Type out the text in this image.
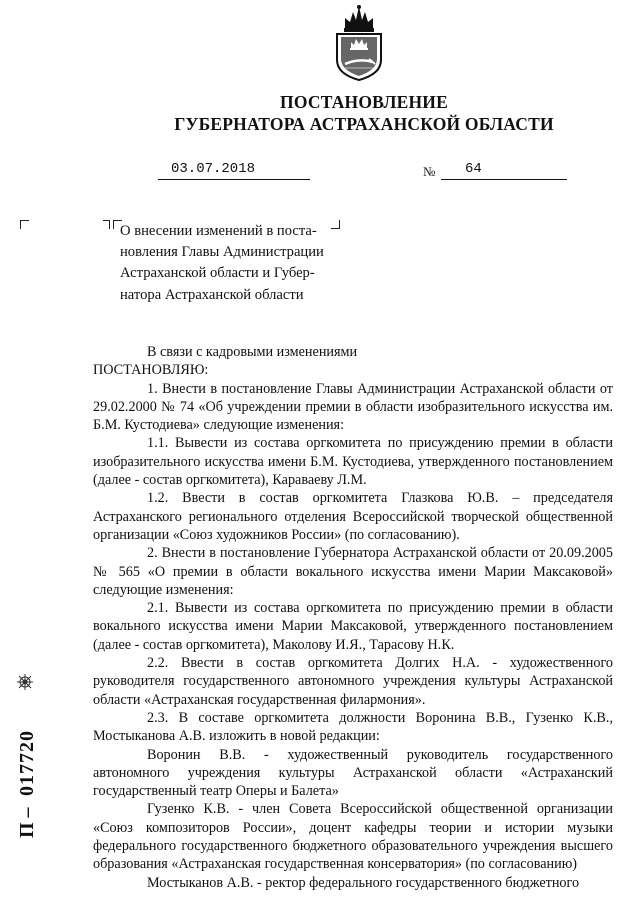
ПОСТАНОВЛЕНИЕ
ГУБЕРНАТОРА АСТРАХАНСКОЙ ОБЛАСТИ
03.07.2018	№ 64

О внесении изменений в поста-

новления Главы Администрации

Астраханской области и Губер-

натора Астраханской области

В связи с кадровыми изменениями

ПОСТАНОВЛЯЮ:

1. Внести в постановление Главы Администрации Астраханской области от 29.02.2000 № 74 «Об учреждении премии в области изобразительного искусства им. Б.М. Кустодиева» следующие изменения:

1.1. Вывести из состава оргкомитета по присуждению премии в области изобразительного искусства имени Б.М. Кустодиева, утвержденного постановлением (далее - состав оргкомитета), Караваеву Л.М.

1.2. Ввести в состав оргкомитета Глазкова Ю.В. – председателя Астраханского регионального отделения Всероссийской творческой общественной организации «Союз художников России» (по согласованию).

2. Внести в постановление Губернатора Астраханской области от 20.09.2005 № 565 «О премии в области вокального искусства имени Марии Максаковой» следующие изменения:

2.1. Вывести из состава оргкомитета по присуждению премии в области вокального искусства имени Марии Максаковой, утвержденного постановлением (далее - состав оргкомитета), Маколову И.Я., Тарасову Н.К.

2.2. Ввести в состав оргкомитета Долгих Н.А. - художественного руководителя государственного автономного учреждения культуры Астраханской области «Астраханская государственная филармония».

2.3. В составе оргкомитета должности Воронина В.В., Гузенко К.В., Мостыканова А.В. изложить в новой редакции:

Воронин В.В. - художественный руководитель государственного автономного учреждения культуры Астраханской области «Астраханский государственный театр Оперы и Балета»

Гузенко К.В. - член Совета Всероссийской общественной организации «Союз композиторов России», доцент кафедры теории и истории музыки федерального государственного бюджетного образовательного учреждения высшего образования «Астраханская государственная консерватория» (по согласованию)

Мостыканов А.В. - ректор федерального государственного бюджетного

П –
017720
